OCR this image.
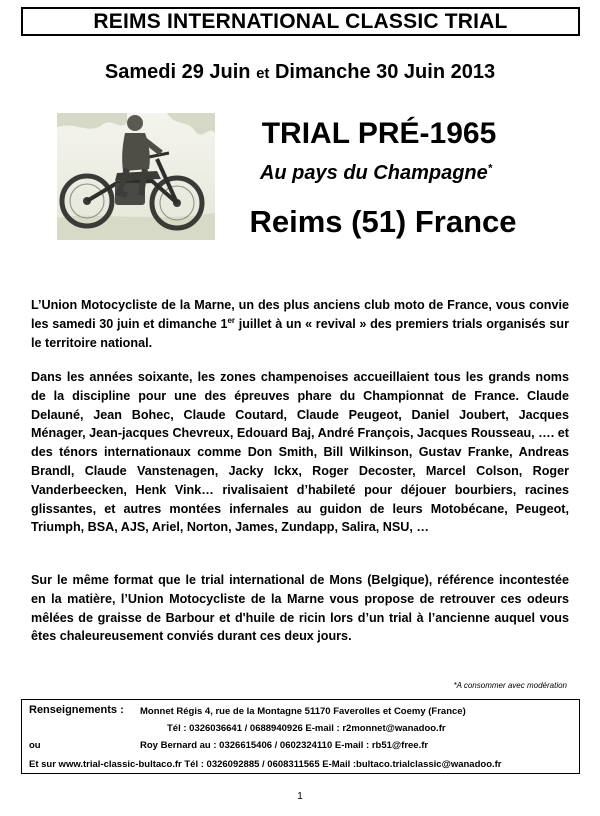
REIMS INTERNATIONAL CLASSIC TRIAL
Samedi 29 Juin et Dimanche 30 Juin 2013
TRIAL PRÉ-1965
Au pays du Champagne*
Reims (51) France

L’Union Motocycliste de la Marne, un des plus anciens club moto de France, vous convie les samedi 30 juin et dimanche 1er juillet à un « revival » des premiers trials organisés sur le territoire national.

Dans les années soixante, les zones champenoises accueillaient tous les grands noms de la discipline pour une des épreuves phare du Championnat de France. Claude Delauné, Jean Bohec, Claude Coutard, Claude Peugeot, Daniel Joubert, Jacques Ménager, Jean-jacques Chevreux, Edouard Baj, André François, Jacques Rousseau, …. et des ténors internationaux comme Don Smith, Bill Wilkinson, Gustav Franke, Andreas Brandl, Claude Vanstenagen, Jacky Ickx, Roger Decoster, Marcel Colson, Roger Vanderbeecken, Henk Vink… rivalisaient d’habileté pour déjouer bourbiers, racines glissantes, et autres montées infernales au guidon de leurs Motobécane, Peugeot, Triumph, BSA, AJS, Ariel, Norton, James, Zundapp, Salira, NSU, …

Sur le même format que le trial international de Mons (Belgique), référence incontestée en la matière, l’Union Motocycliste de la Marne vous propose de retrouver ces odeurs mêlées de graisse de Barbour et d'huile de ricin lors d’un trial à l’ancienne auquel vous êtes chaleureusement conviés durant ces deux jours.

*A consommer avec modération
Renseignements : Monnet Régis 4, rue de la Montagne 51170 Faverolles et Coemy (France)
Tél : 0326036641 / 0688940926 E-mail : r2monnet@wanadoo.fr
ou	Roy Bernard au : 0326615406 / 0602324110 E-mail : rb51@free.fr
Et sur www.trial-classic-bultaco.fr Tél : 0326092885 / 0608311565 E-Mail :bultaco.trialclassic@wanadoo.fr
1
